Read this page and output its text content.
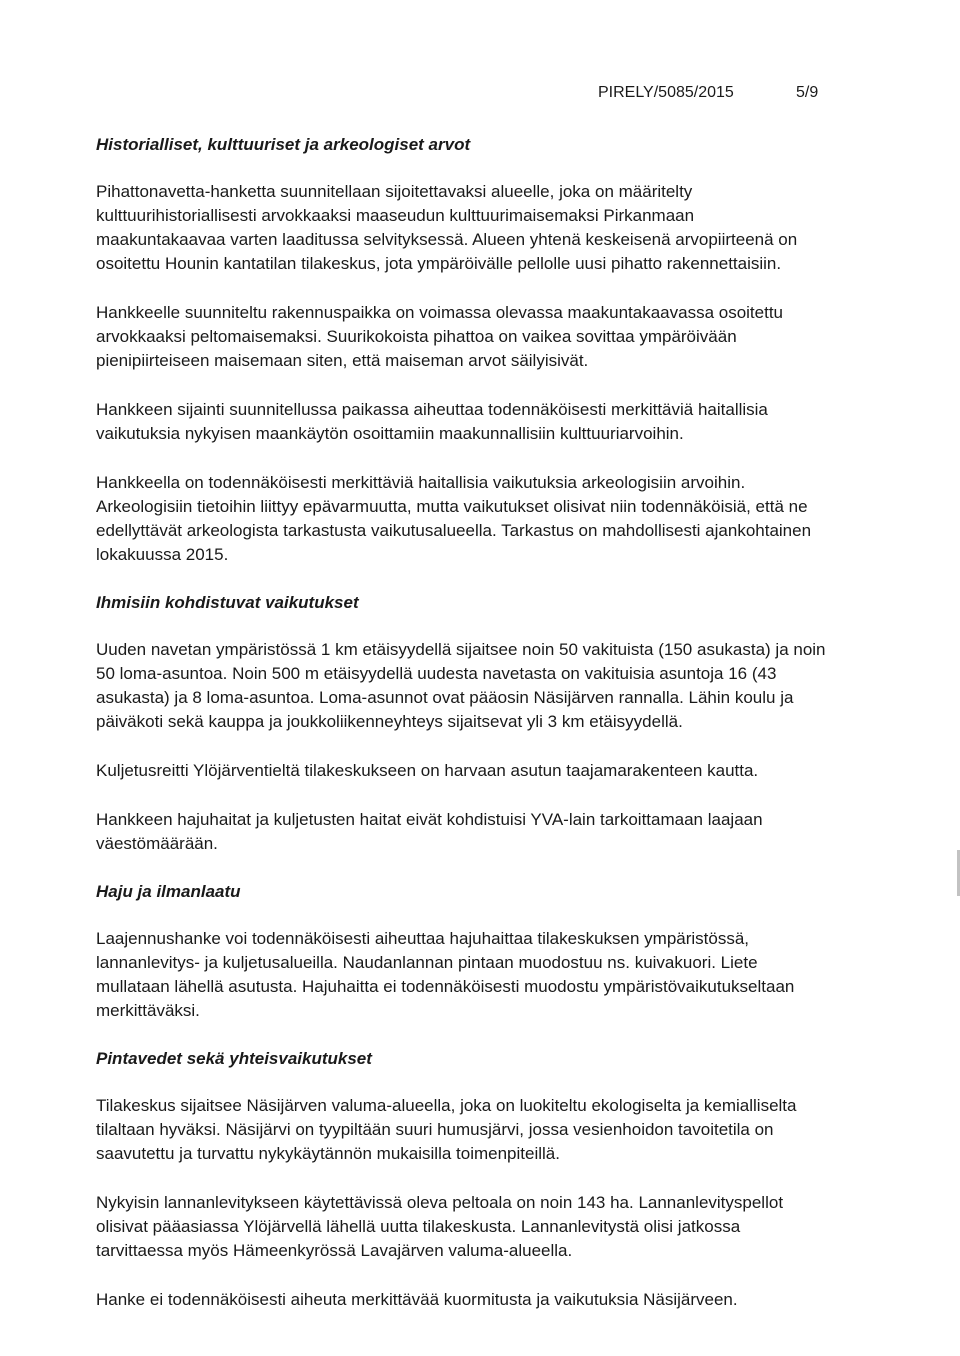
PIRELY/5085/2015	5/9
Historialliset, kulttuuriset ja arkeologiset arvot

Pihattonavetta-hanketta suunnitellaan sijoitettavaksi alueelle, joka on määritelty kulttuurihistoriallisesti arvokkaaksi maaseudun kulttuurimaisemaksi Pirkanmaan maakuntakaavaa varten laaditussa selvityksessä. Alueen yhtenä keskeisenä arvopiirteenä on osoitettu Hounin kantatilan tilakeskus, jota ympäröivälle pellolle uusi pihatto rakennettaisiin.

Hankkeelle suunniteltu rakennuspaikka on voimassa olevassa maakuntakaavassa osoitettu arvokkaaksi peltomaisemaksi. Suurikokoista pihattoa on vaikea sovittaa ympäröivään pienipiirteiseen maisemaan siten, että maiseman arvot säilyisivät.

Hankkeen sijainti suunnitellussa paikassa aiheuttaa todennäköisesti merkittäviä haitallisia vaikutuksia nykyisen maankäytön osoittamiin maakunnallisiin kulttuuriarvoihin.

Hankkeella on todennäköisesti merkittäviä haitallisia vaikutuksia arkeologisiin arvoihin. Arkeologisiin tietoihin liittyy epävarmuutta, mutta vaikutukset olisivat niin todennäköisiä, että ne edellyttävät arkeologista tarkastusta vaikutusalueella. Tarkastus on mahdollisesti ajankohtainen lokakuussa 2015.

Ihmisiin kohdistuvat vaikutukset

Uuden navetan ympäristössä 1 km etäisyydellä sijaitsee noin 50 vakituista (150 asukasta) ja noin 50 loma-asuntoa. Noin 500 m etäisyydellä uudesta navetasta on vakituisia asuntoja 16 (43 asukasta) ja 8 loma-asuntoa. Loma-asunnot ovat pääosin Näsijärven rannalla. Lähin koulu ja päiväkoti sekä kauppa ja joukkoliikenneyhteys sijaitsevat yli 3 km etäisyydellä.

Kuljetusreitti Ylöjärventieltä tilakeskukseen on harvaan asutun taajamarakenteen kautta.

Hankkeen hajuhaitat ja kuljetusten haitat eivät kohdistuisi YVA-lain tarkoittamaan laajaan väestömäärään.

Haju ja ilmanlaatu

Laajennushanke voi todennäköisesti aiheuttaa hajuhaittaa tilakeskuksen ympäristössä, lannanlevitys- ja kuljetusalueilla. Naudanlannan pintaan muodostuu ns. kuivakuori. Liete mullataan lähellä asutusta. Hajuhaitta ei todennäköisesti muodostu ympäristövaikutukseltaan merkittäväksi.

Pintavedet sekä yhteisvaikutukset

Tilakeskus sijaitsee Näsijärven valuma-alueella, joka on luokiteltu ekologiselta ja kemialliselta tilaltaan hyväksi. Näsijärvi on tyypiltään suuri humusjärvi, jossa vesienhoidon tavoitetila on saavutettu ja turvattu nykykäytännön mukaisilla toimenpiteillä.

Nykyisin lannanlevitykseen käytettävissä oleva peltoala on noin 143 ha. Lannanlevityspellot olisivat pääasiassa Ylöjärvellä lähellä uutta tilakeskusta. Lannanlevitystä olisi jatkossa tarvittaessa myös Hämeenkyrössä Lavajärven valuma-alueella.

Hanke ei todennäköisesti aiheuta merkittävää kuormitusta ja vaikutuksia Näsijärveen.
